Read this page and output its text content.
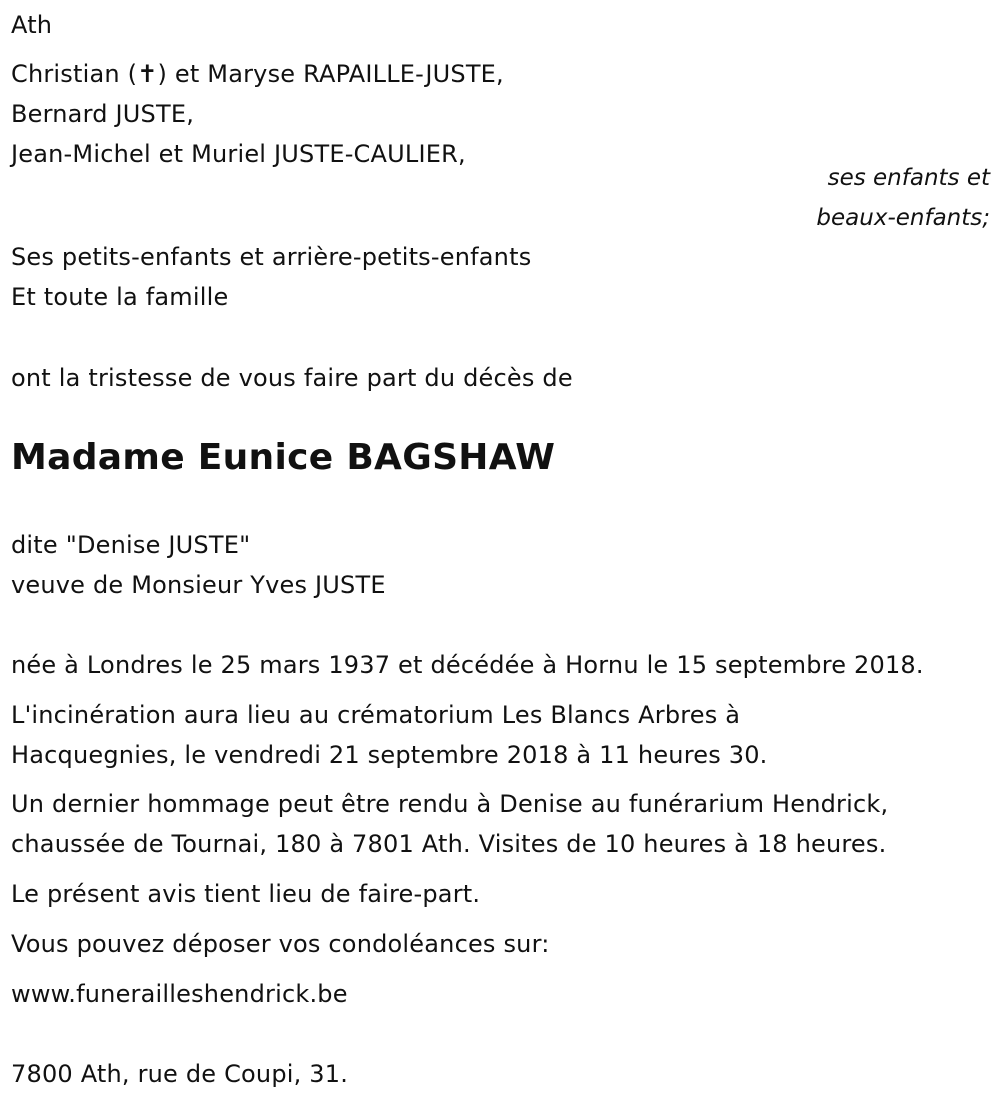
Ath
Christian (✝) et Maryse RAPAILLE-JUSTE,
Bernard JUSTE,
Jean-Michel et Muriel JUSTE-CAULIER,
ses enfants et
beaux-enfants;
Ses petits-enfants et arrière-petits-enfants
Et toute la famille
ont la tristesse de vous faire part du décès de
Madame Eunice BAGSHAW
dite "Denise JUSTE"
veuve de Monsieur Yves JUSTE
née à Londres le 25 mars 1937 et décédée à Hornu le 15 septembre 2018.
L'incinération aura lieu au crématorium Les Blancs Arbres à
Hacquegnies, le vendredi 21 septembre 2018 à 11 heures 30.
Un dernier hommage peut être rendu à Denise au funérarium Hendrick,
chaussée de Tournai, 180 à 7801 Ath. Visites de 10 heures à 18 heures.
Le présent avis tient lieu de faire-part.
Vous pouvez déposer vos condoléances sur:
www.funerailleshendrick.be
7800 Ath, rue de Coupi, 31.
